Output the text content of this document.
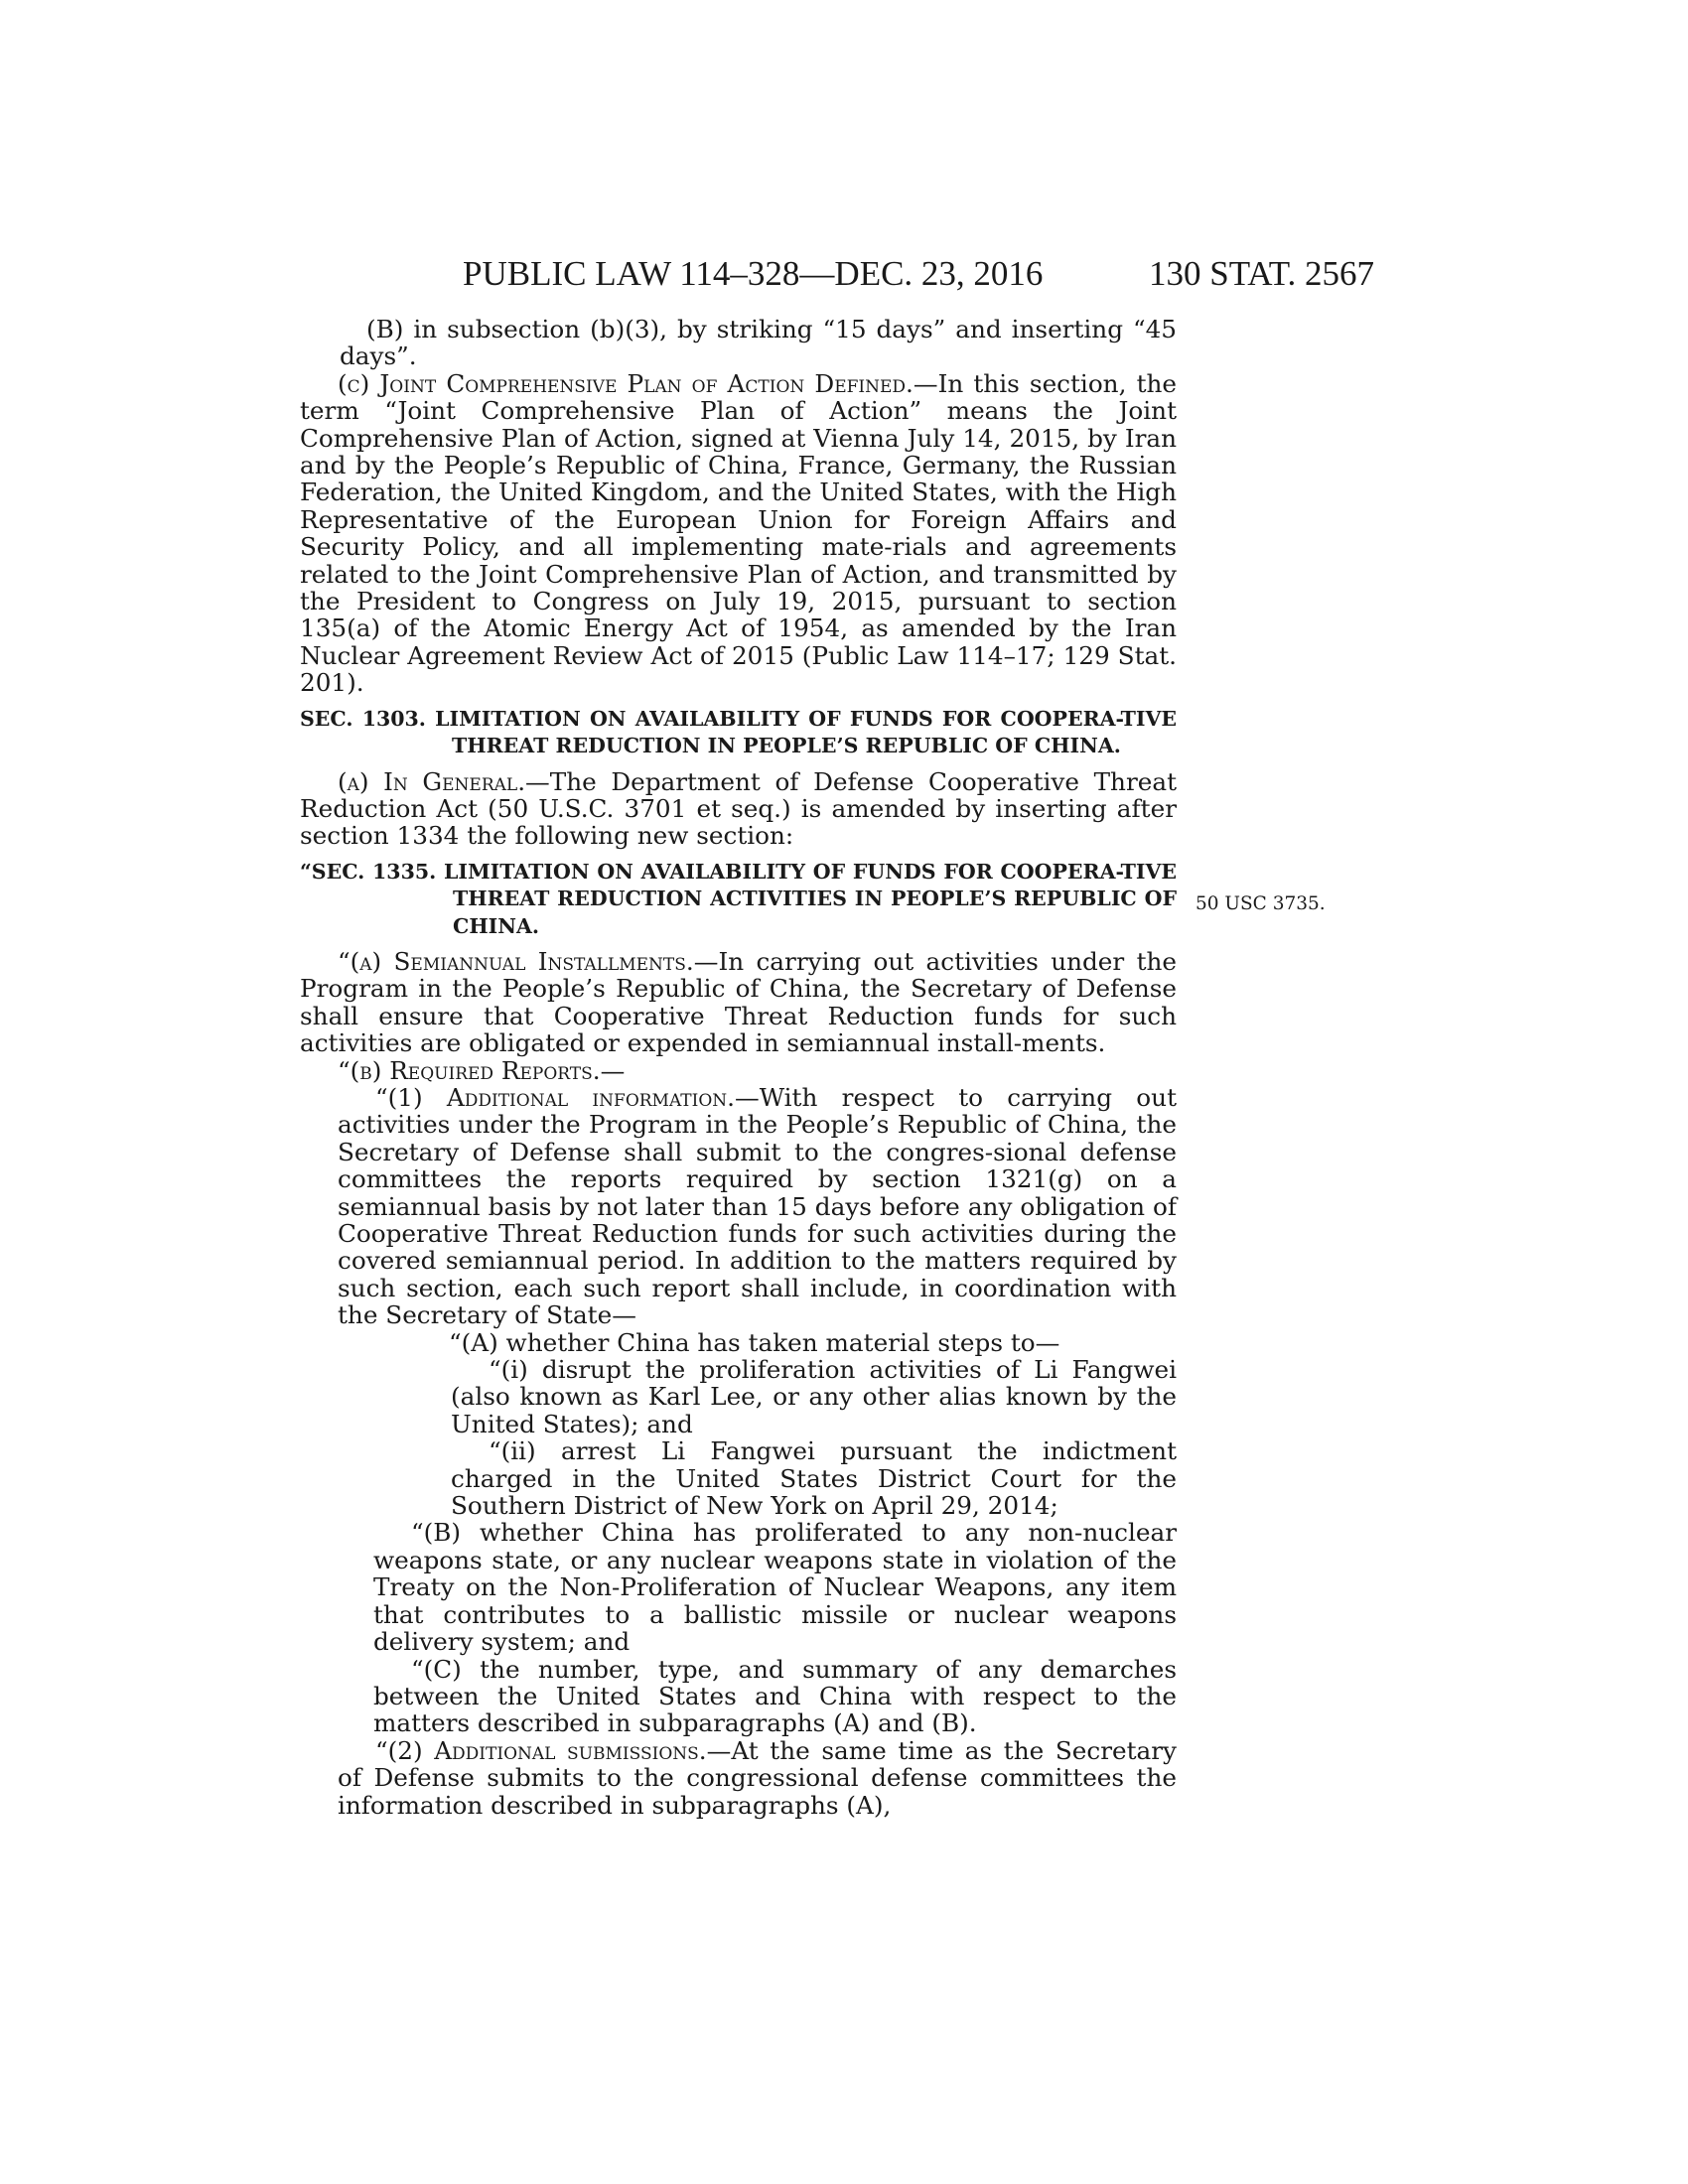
PUBLIC LAW 114–328—DEC. 23, 2016	130 STAT. 2567
50 USC 3735.

(B) in subsection (b)(3), by striking “15 days” and inserting “45 days”.

(c) Joint Comprehensive Plan of Action Defined.—In this section, the term “Joint Comprehensive Plan of Action” means the Joint Comprehensive Plan of Action, signed at Vienna July 14, 2015, by Iran and by the People’s Republic of China, France, Germany, the Russian Federation, the United Kingdom, and the United States, with the High Representative of the European Union for Foreign Affairs and Security Policy, and all implementing mate-rials and agreements related to the Joint Comprehensive Plan of Action, and transmitted by the President to Congress on July 19, 2015, pursuant to section 135(a) of the Atomic Energy Act of 1954, as amended by the Iran Nuclear Agreement Review Act of 2015 (Public Law 114–17; 129 Stat. 201).

SEC. 1303. LIMITATION ON AVAILABILITY OF FUNDS FOR COOPERA-TIVE THREAT REDUCTION IN PEOPLE’S REPUBLIC OF CHINA.

(a) In General.—The Department of Defense Cooperative Threat Reduction Act (50 U.S.C. 3701 et seq.) is amended by inserting after section 1334 the following new section:

“SEC. 1335. LIMITATION ON AVAILABILITY OF FUNDS FOR COOPERA-TIVE THREAT REDUCTION ACTIVITIES IN PEOPLE’S REPUBLIC OF CHINA.

“(a) Semiannual Installments.—In carrying out activities under the Program in the People’s Republic of China, the Secretary of Defense shall ensure that Cooperative Threat Reduction funds for such activities are obligated or expended in semiannual install-ments.

“(b) Required Reports.—

“(1) Additional information.—With respect to carrying out activities under the Program in the People’s Republic of China, the Secretary of Defense shall submit to the congres-sional defense committees the reports required by section 1321(g) on a semiannual basis by not later than 15 days before any obligation of Cooperative Threat Reduction funds for such activities during the covered semiannual period. In addition to the matters required by such section, each such report shall include, in coordination with the Secretary of State—

“(A) whether China has taken material steps to—

“(i) disrupt the proliferation activities of Li Fangwei (also known as Karl Lee, or any other alias known by the United States); and

“(ii) arrest Li Fangwei pursuant the indictment charged in the United States District Court for the Southern District of New York on April 29, 2014;

“(B) whether China has proliferated to any non-nuclear weapons state, or any nuclear weapons state in violation of the Treaty on the Non-Proliferation of Nuclear Weapons, any item that contributes to a ballistic missile or nuclear weapons delivery system; and

“(C) the number, type, and summary of any demarches between the United States and China with respect to the matters described in subparagraphs (A) and (B).

“(2) Additional submissions.—At the same time as the Secretary of Defense submits to the congressional defense committees the information described in subparagraphs (A),
